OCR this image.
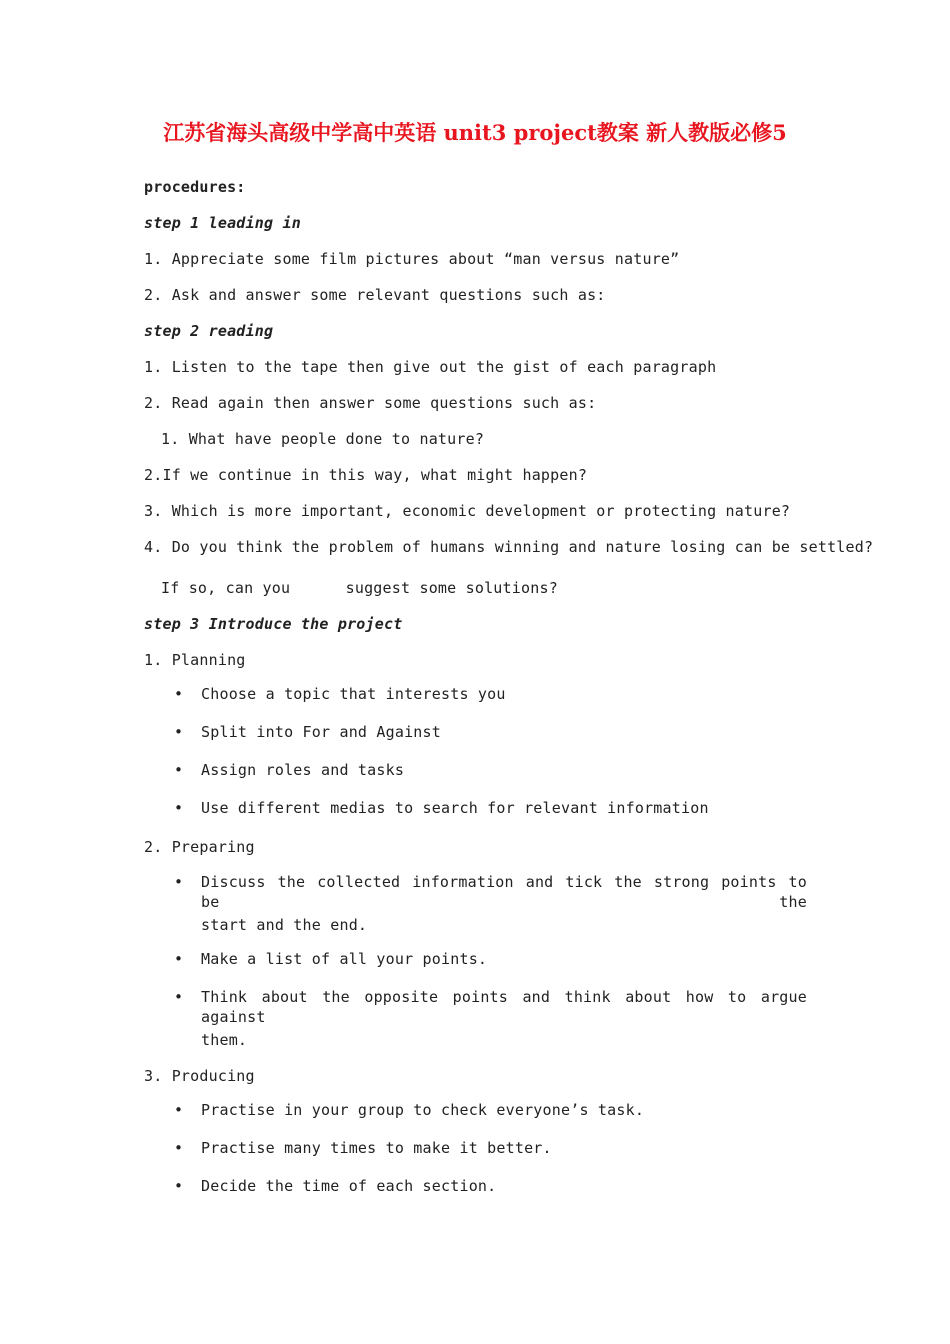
江苏省海头高级中学高中英语 unit3 project教案 新人教版必修5
procedures:
step 1 leading in
1. Appreciate some film pictures about “man versus nature”
2. Ask and answer some relevant questions such as:
step 2 reading
1. Listen to the tape then give out the gist of each paragraph
2. Read again then answer some questions such as:
1. What have people done to nature?
2.If we continue in this way, what might happen?
3. Which is more important, economic development or protecting nature?
4. Do you think the problem of humans winning and nature losing can be settled?
If so, can you      suggest some solutions?
step 3 Introduce the project
1. Planning
• Choose a topic that interests you
• Split into For and Against
• Assign roles and tasks
• Use different medias to search for relevant information
2. Preparing
• Discuss the collected information and tick the strong points to be the
start and the end.
• Make a list of all your points.
• Think about the opposite points and think about how to argue against
them.
3. Producing
• Practise in your group to check everyone’s task.
• Practise many times to make it better.
• Decide the time of each section.
